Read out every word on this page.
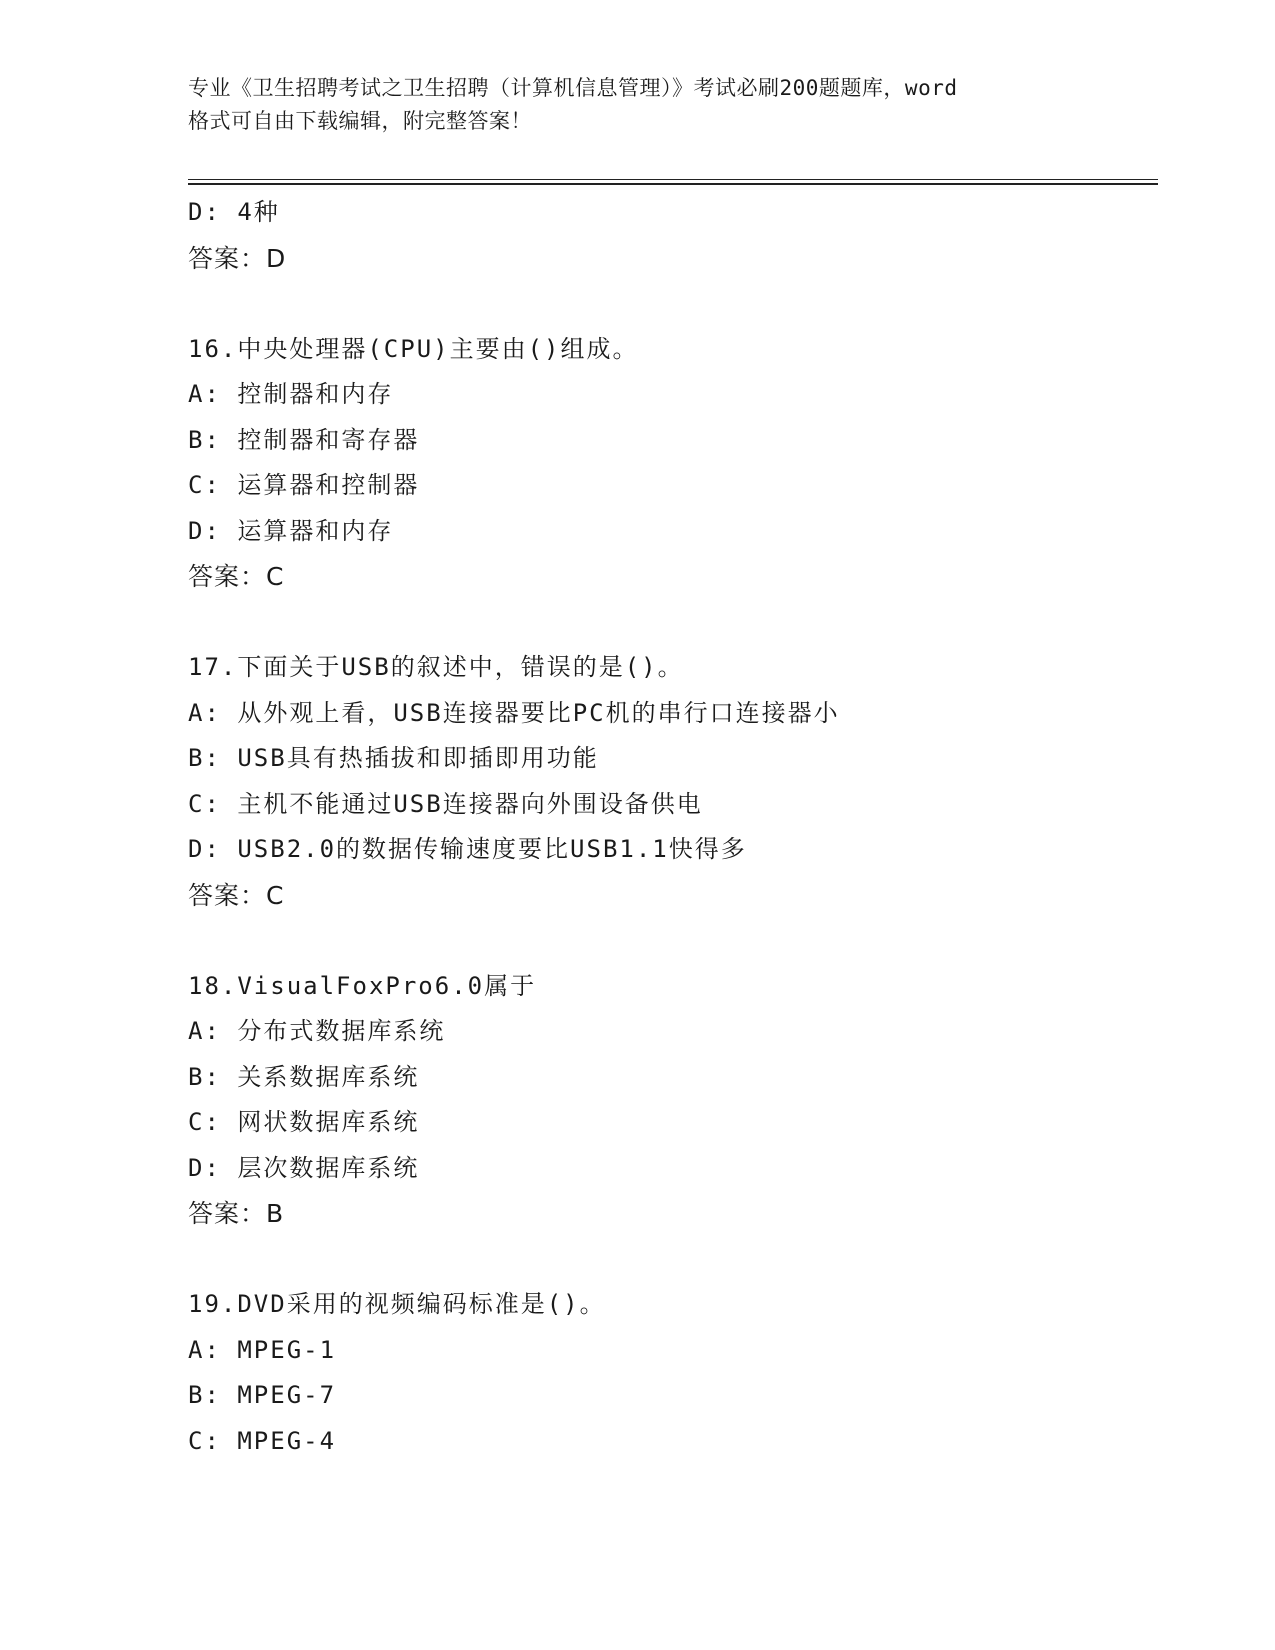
专业《卫生招聘考试之卫生招聘（计算机信息管理）》考试必刷200题题库，word
格式可自由下载编辑，附完整答案！
D: 4种
答案：D
16.中央处理器(CPU)主要由()组成。
A: 控制器和内存
B: 控制器和寄存器
C: 运算器和控制器
D: 运算器和内存
答案：C
17.下面关于USB的叙述中，错误的是()。
A: 从外观上看，USB连接器要比PC机的串行口连接器小
B: USB具有热插拔和即插即用功能
C: 主机不能通过USB连接器向外围设备供电
D: USB2.0的数据传输速度要比USB1.1快得多
答案：C
18.VisualFoxPro6.0属于
A: 分布式数据库系统
B: 关系数据库系统
C: 网状数据库系统
D: 层次数据库系统
答案：B
19.DVD采用的视频编码标准是()。
A: MPEG-1
B: MPEG-7
C: MPEG-4
